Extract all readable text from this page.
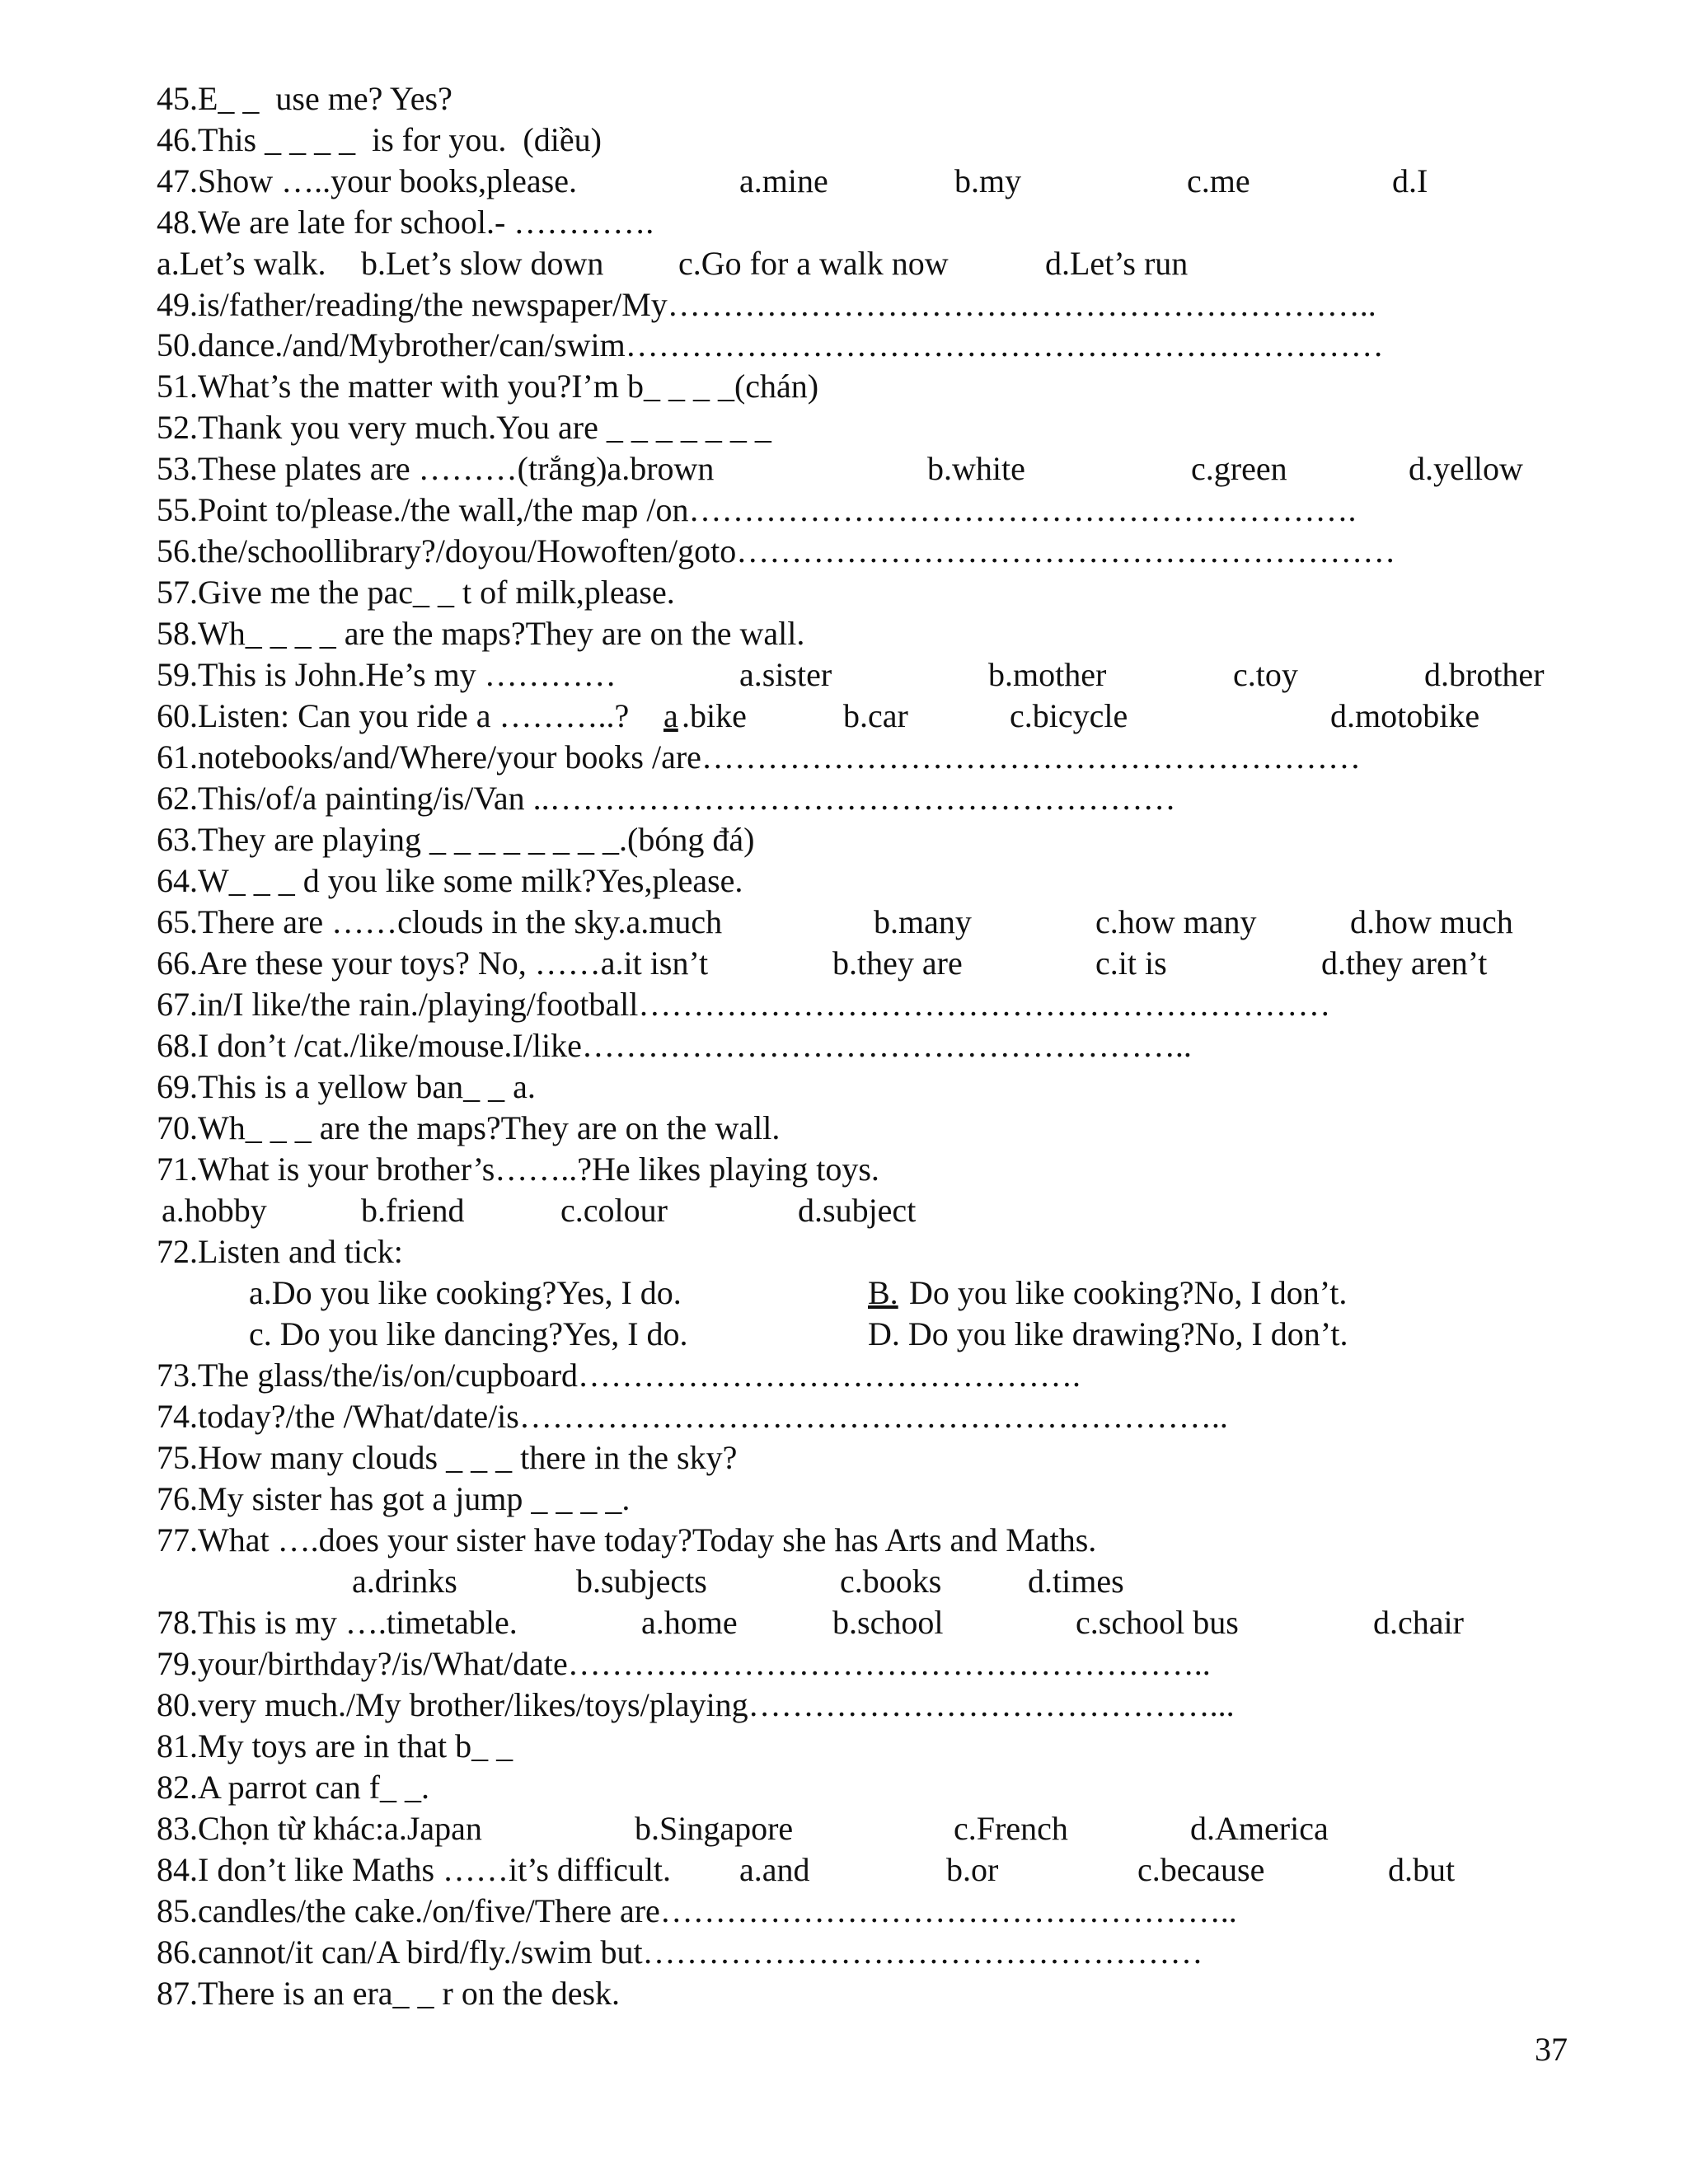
45.E_ _  use me? Yes?
46.This _ _ _ _  is for you.  (diều)
47.Show …..your books,please.	a.mine	b.my	c.me	d.I
48.We are late for school.- ………….
a.Let’s walk. b.Let’s slow down c.Go for a walk now	d.Let’s run
49.is/father/reading/the newspaper/My………………………………………………………..
50.dance./and/Mybrother/can/swim……………………………………………………………
51.What’s the matter with you?I’m b_ _ _ _(chán)
52.Thank you very much.You are _ _ _ _ _ _ _
53.These plates are ………(trắng)a.brown	b.white	c.green	d.yellow
55.Point to/please./the wall,/the map /on…………………………………………………….
56.the/schoollibrary?/doyou/Howoften/goto……………………………………………………
57.Give me the pac_ _ t of milk,please.
58.Wh_ _ _ _ are the maps?They are on the wall.
59.This is John.He’s my …………	a.sister	b.mother	c.toy	d.brother
60.Listen: Can you ride a ………..? a .bike	b.car	c.bicycle	d.motobike
61.notebooks/and/Where/your books /are……………………………………………………
62.This/of/a painting/is/Van ..…………………………………………………
63.They are playing _ _ _ _ _ _ _ _.(bóng đá)
64.W_ _ _ d you like some milk?Yes,please.
65.There are ……clouds in the sky.a.much	b.many	c.how many	d.how much
66.Are these your toys? No, ……a.it isn’t	b.they are	c.it is	d.they aren’t
67.in/I like/the rain./playing/football………………………………………………………
68.I don’t /cat./like/mouse.I/like………………………………………………..
69.This is a yellow ban_ _ a.
70.Wh_ _ _ are the maps?They are on the wall.
71.What is your brother’s……..?He likes playing toys.
a.hobby	b.friend	c.colour	d.subject
72.Listen and tick:
a.Do you like cooking?Yes, I do.	B. Do you like cooking?No, I don’t.
c. Do you like dancing?Yes, I do.	D. Do you like drawing?No, I don’t.
73.The glass/the/is/on/cupboard……………………………………….
74.today?/the /What/date/is………………………………………………………..
75.How many clouds _ _ _ there in the sky?
76.My sister has got a jump _ _ _ _.
77.What ….does your sister have today?Today she has Arts and Maths.
a.drinks	b.subjects	c.books	d.times
78.This is my ….timetable.	a.home	b.school	c.school bus	d.chair
79.your/birthday?/is/What/date…………………………………………………..
80.very much./My brother/likes/toys/playing……………………………………...
81.My toys are in that b_ _
82.A parrot can f_ _.
83.Chọn từ khác:a.Japan	b.Singapore	c.French	d.America
84.I don’t like Maths ……it’s difficult. a.and	b.or	c.because	d.but
85.candles/the cake./on/five/There are……………………………………………..
86.cannot/it can/A bird/fly./swim but……………………………………………
87.There is an era_ _ r on the desk.
37
